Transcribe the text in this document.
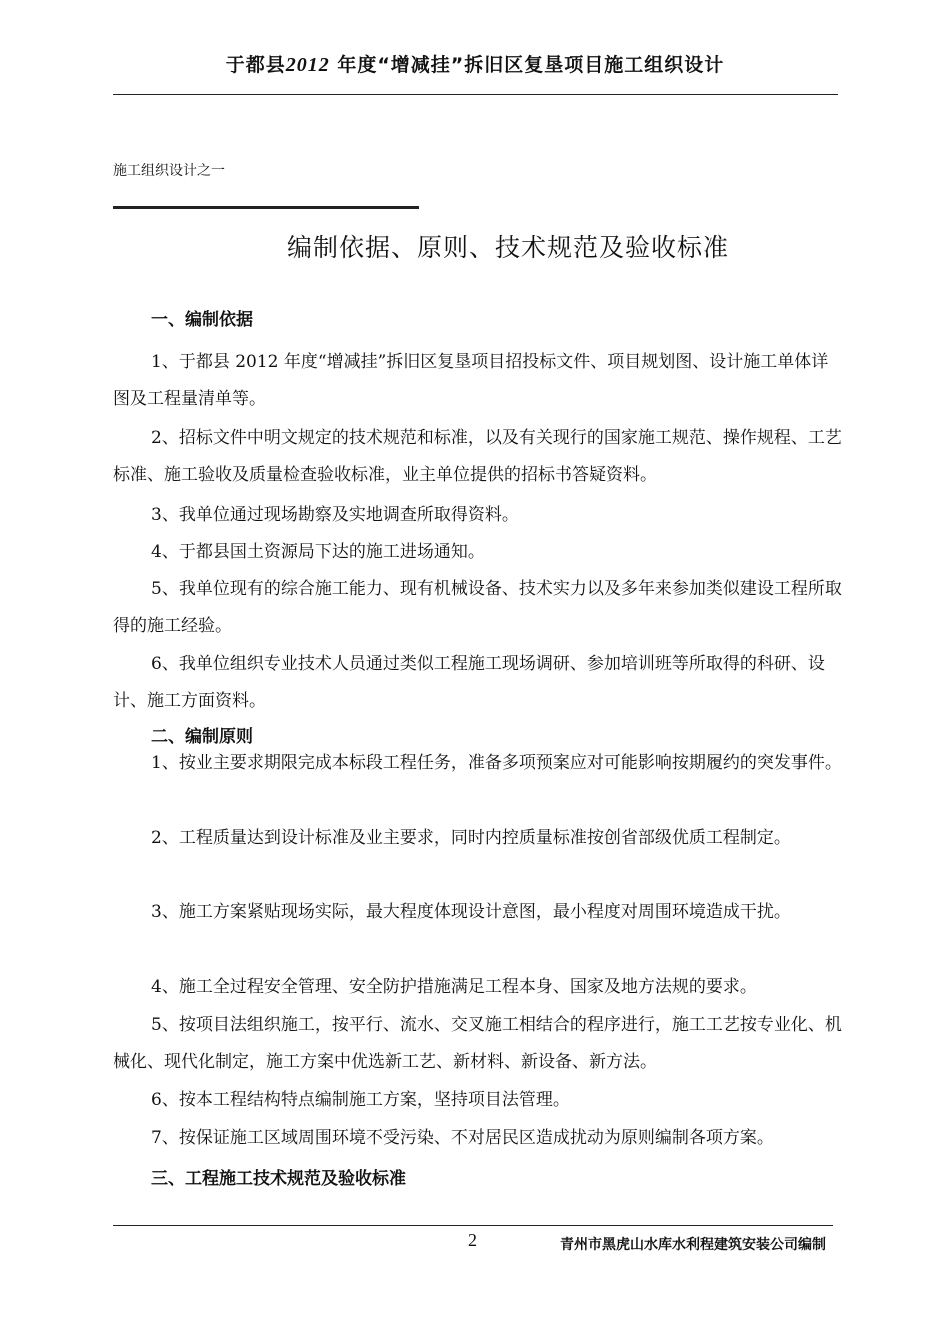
于都县2012 年度“增减挂”拆旧区复垦项目施工组织设计
施工组织设计之一
编制依据、原则、技术规范及验收标准
一、编制依据
1、于都县 2012 年度“增减挂”拆旧区复垦项目招投标文件、项目规划图、设计施工单体详图及工程量清单等。
2、招标文件中明文规定的技术规范和标准，以及有关现行的国家施工规范、操作规程、工艺标准、施工验收及质量检查验收标准，业主单位提供的招标书答疑资料。
3、我单位通过现场勘察及实地调查所取得资料。
4、于都县国土资源局下达的施工进场通知。
5、我单位现有的综合施工能力、现有机械设备、技术实力以及多年来参加类似建设工程所取得的施工经验。
6、我单位组织专业技术人员通过类似工程施工现场调研、参加培训班等所取得的科研、设计、施工方面资料。
二、编制原则
1、按业主要求期限完成本标段工程任务，准备多项预案应对可能影响按期履约的突发事件。
2、工程质量达到设计标准及业主要求，同时内控质量标准按创省部级优质工程制定。
3、施工方案紧贴现场实际，最大程度体现设计意图，最小程度对周围环境造成干扰。
4、施工全过程安全管理、安全防护措施满足工程本身、国家及地方法规的要求。
5、按项目法组织施工，按平行、流水、交叉施工相结合的程序进行，施工工艺按专业化、机械化、现代化制定，施工方案中优选新工艺、新材料、新设备、新方法。
6、按本工程结构特点编制施工方案，坚持项目法管理。
7、按保证施工区域周围环境不受污染、不对居民区造成扰动为原则编制各项方案。
三、工程施工技术规范及验收标准
2	青州市黑虎山水库水利程建筑安装公司编制
